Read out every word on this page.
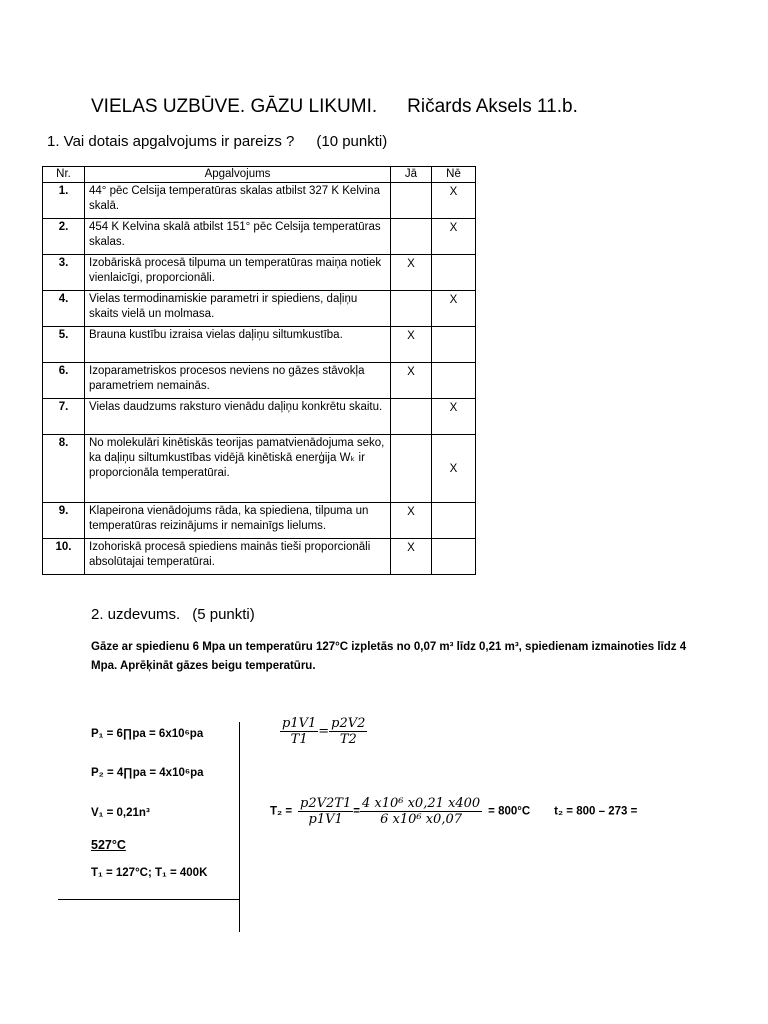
VIELAS UZBŪVE. GĀZU LIKUMI. Ričards Aksels 11.b.
1. Vai dotais apgalvojums ir pareizs ? (10 punkti)
Nr.	Apgalvojums	Jā	Nē
1.	44° pēc Celsija temperatūras skalas atbilst 327 K Kelvina skalā.		X
2.	454 K Kelvina skalā atbilst 151° pēc Celsija temperatūras skalas.		X
3.	Izobāriskā procesā tilpuma un temperatūras maiņa notiek vienlaicīgi, proporcionāli.	X	
4.	Vielas termodinamiskie parametri ir spiediens, daļiņu skaits vielā un molmasa.		X
5.	Brauna kustību izraisa vielas daļiņu siltumkustība.	X	
6.	Izoparametriskos procesos neviens no gāzes stāvokļa parametriem nemainās.	X	
7.	Vielas daudzums raksturo vienādu daļiņu konkrētu skaitu.		X
8.	No molekulāri kinētiskās teorijas pamatvienādojuma seko, ka daļiņu siltumkustības vidējā kinētiskā enerģija Wₖ ir proporcionāla temperatūrai.		X
9.	Klapeirona vienādojums rāda, ka spiediena, tilpuma un temperatūras reizinājums ir nemainīgs lielums.	X	
10.	Izohoriskā procesā spiediens mainās tieši proporcionāli absolūtajai temperatūrai.	X	
2. uzdevums. (5 punkti)
Gāze ar spiedienu 6 Mpa un temperatūru 127°C izpletās no 0,07 m³ līdz 0,21 m³, spiedienam izmainoties līdz 4 Mpa. Aprēķināt gāzes beigu temperatūru.
P₁ = 6∏pa = 6x10⁶pa
P₂ = 4∏pa = 4x10⁶pa
V₁ = 0,21n³
527°C
T₁ = 127°C; T₁ = 400K
$\frac{p1V1}{T1} = \frac{p2V2}{T2}$
$T_2 = \frac{p2V2T1}{p1V1} = \frac{\text{4 x10⁶ x0,21 x400}}{\text{6 x10⁶ x0,07}} = 800^\circ C$ t₂ = 800 – 273 =
